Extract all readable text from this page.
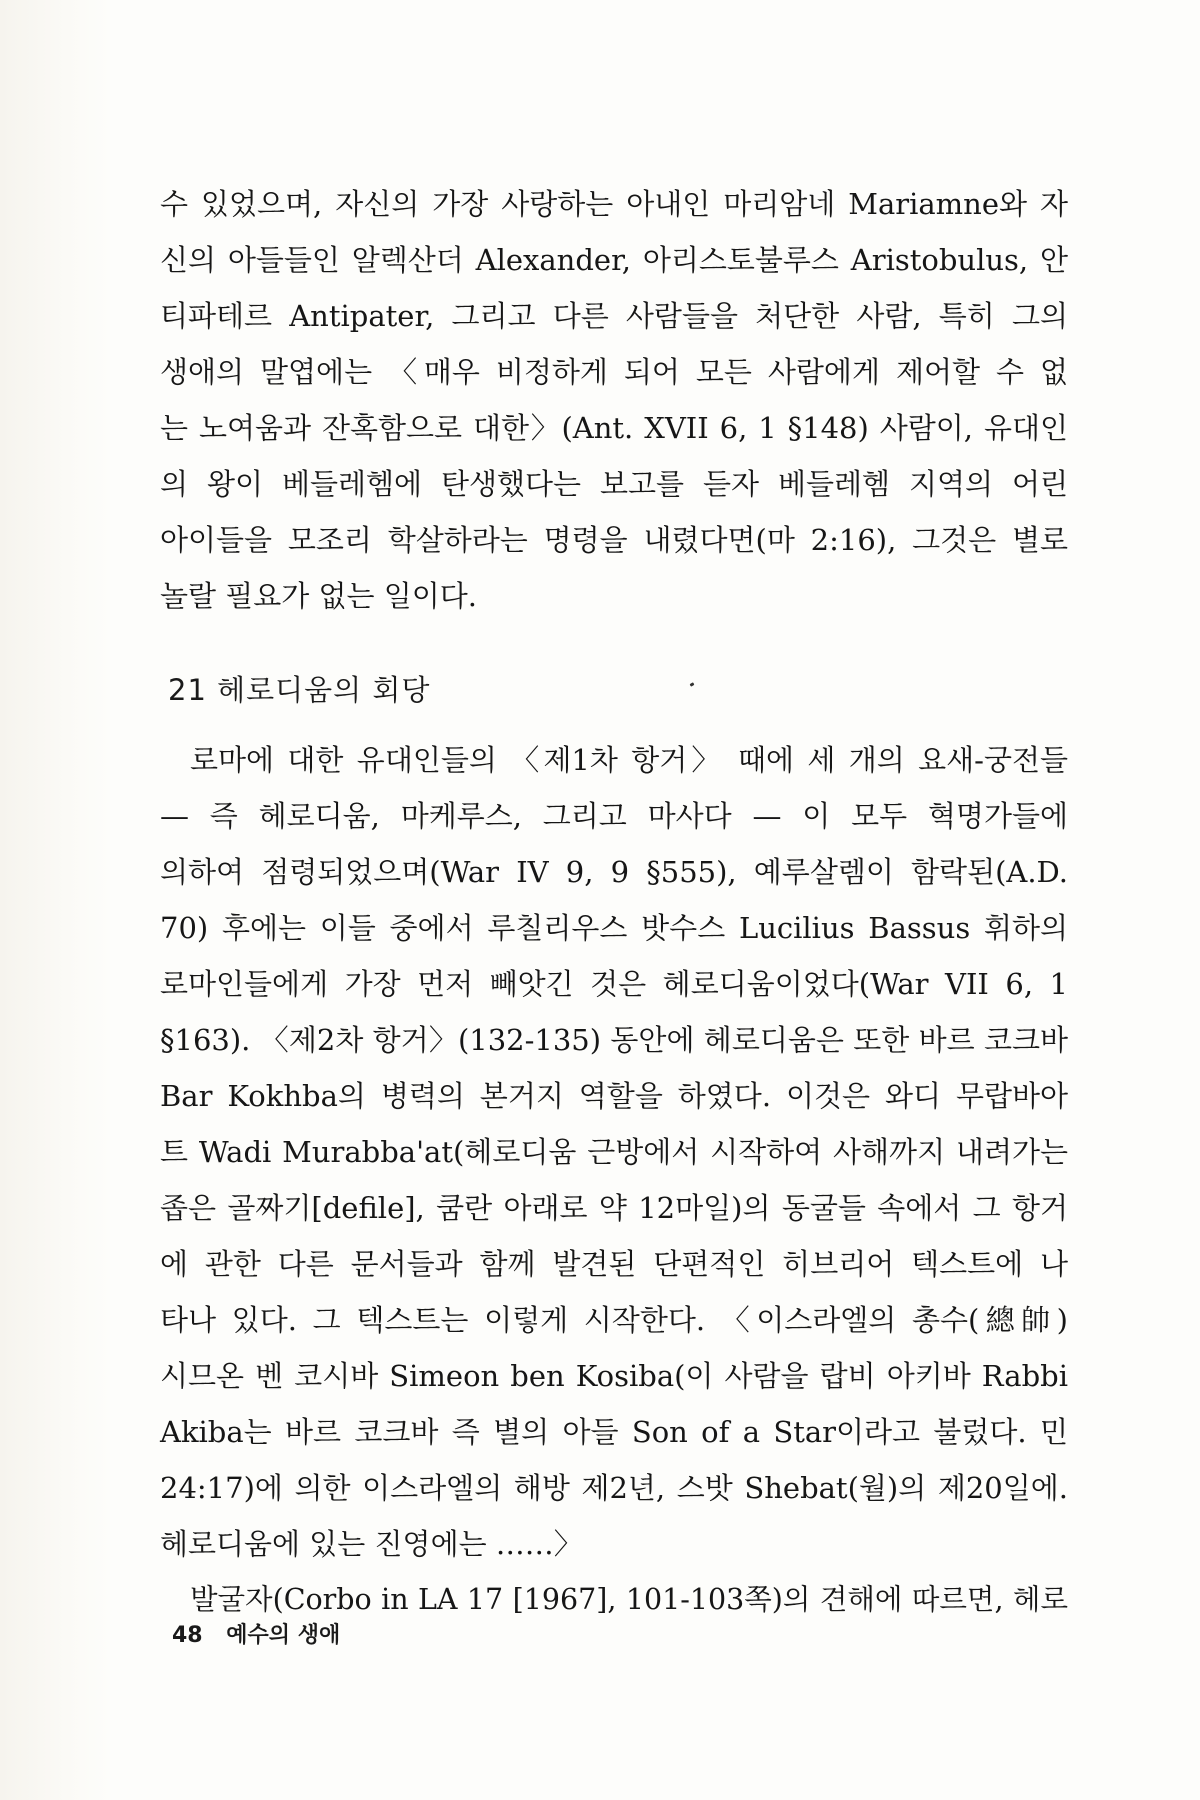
수 있었으며, 자신의 가장 사랑하는 아내인 마리암네 Mariamne와 자
신의 아들들인 알렉산더 Alexander, 아리스토불루스 Aristobulus, 안
티파테르 Antipater, 그리고 다른 사람들을 처단한 사람, 특히 그의
생애의 말엽에는 〈매우 비정하게 되어 모든 사람에게 제어할 수 없
는 노여움과 잔혹함으로 대한〉(Ant. XVII 6, 1 §148) 사람이, 유대인
의 왕이 베들레헴에 탄생했다는 보고를 듣자 베들레헴 지역의 어린
아이들을 모조리 학살하라는 명령을 내렸다면(마 2:16), 그것은 별로
놀랄 필요가 없는 일이다.
21 헤로디움의 회당
로마에 대한 유대인들의 〈제1차 항거〉 때에 세 개의 요새-궁전들
— 즉 헤로디움, 마케루스, 그리고 마사다 — 이 모두 혁명가들에
의하여 점령되었으며(War IV 9, 9 §555), 예루살렘이 함락된(A.D.
70) 후에는 이들 중에서 루칠리우스 밧수스 Lucilius Bassus 휘하의
로마인들에게 가장 먼저 빼앗긴 것은 헤로디움이었다(War VII 6, 1
§163). 〈제2차 항거〉(132-135) 동안에 헤로디움은 또한 바르 코크바
Bar Kokhba의 병력의 본거지 역할을 하였다. 이것은 와디 무랍바아
트 Wadi Murabba'at(헤로디움 근방에서 시작하여 사해까지 내려가는
좁은 골짜기[defile], 쿰란 아래로 약 12마일)의 동굴들 속에서 그 항거
에 관한 다른 문서들과 함께 발견된 단편적인 히브리어 텍스트에 나
타나 있다. 그 텍스트는 이렇게 시작한다. 〈이스라엘의 총수(總帥)
시므온 벤 코시바 Simeon ben Kosiba(이 사람을 랍비 아키바 Rabbi
Akiba는 바르 코크바 즉 별의 아들 Son of a Star이라고 불렀다. 민
24:17)에 의한 이스라엘의 해방 제2년, 스밧 Shebat(월)의 제20일에.
헤로디움에 있는 진영에는 ……〉
발굴자(Corbo in LA 17 [1967], 101-103쪽)의 견해에 따르면, 헤로
48 예수의 생애
